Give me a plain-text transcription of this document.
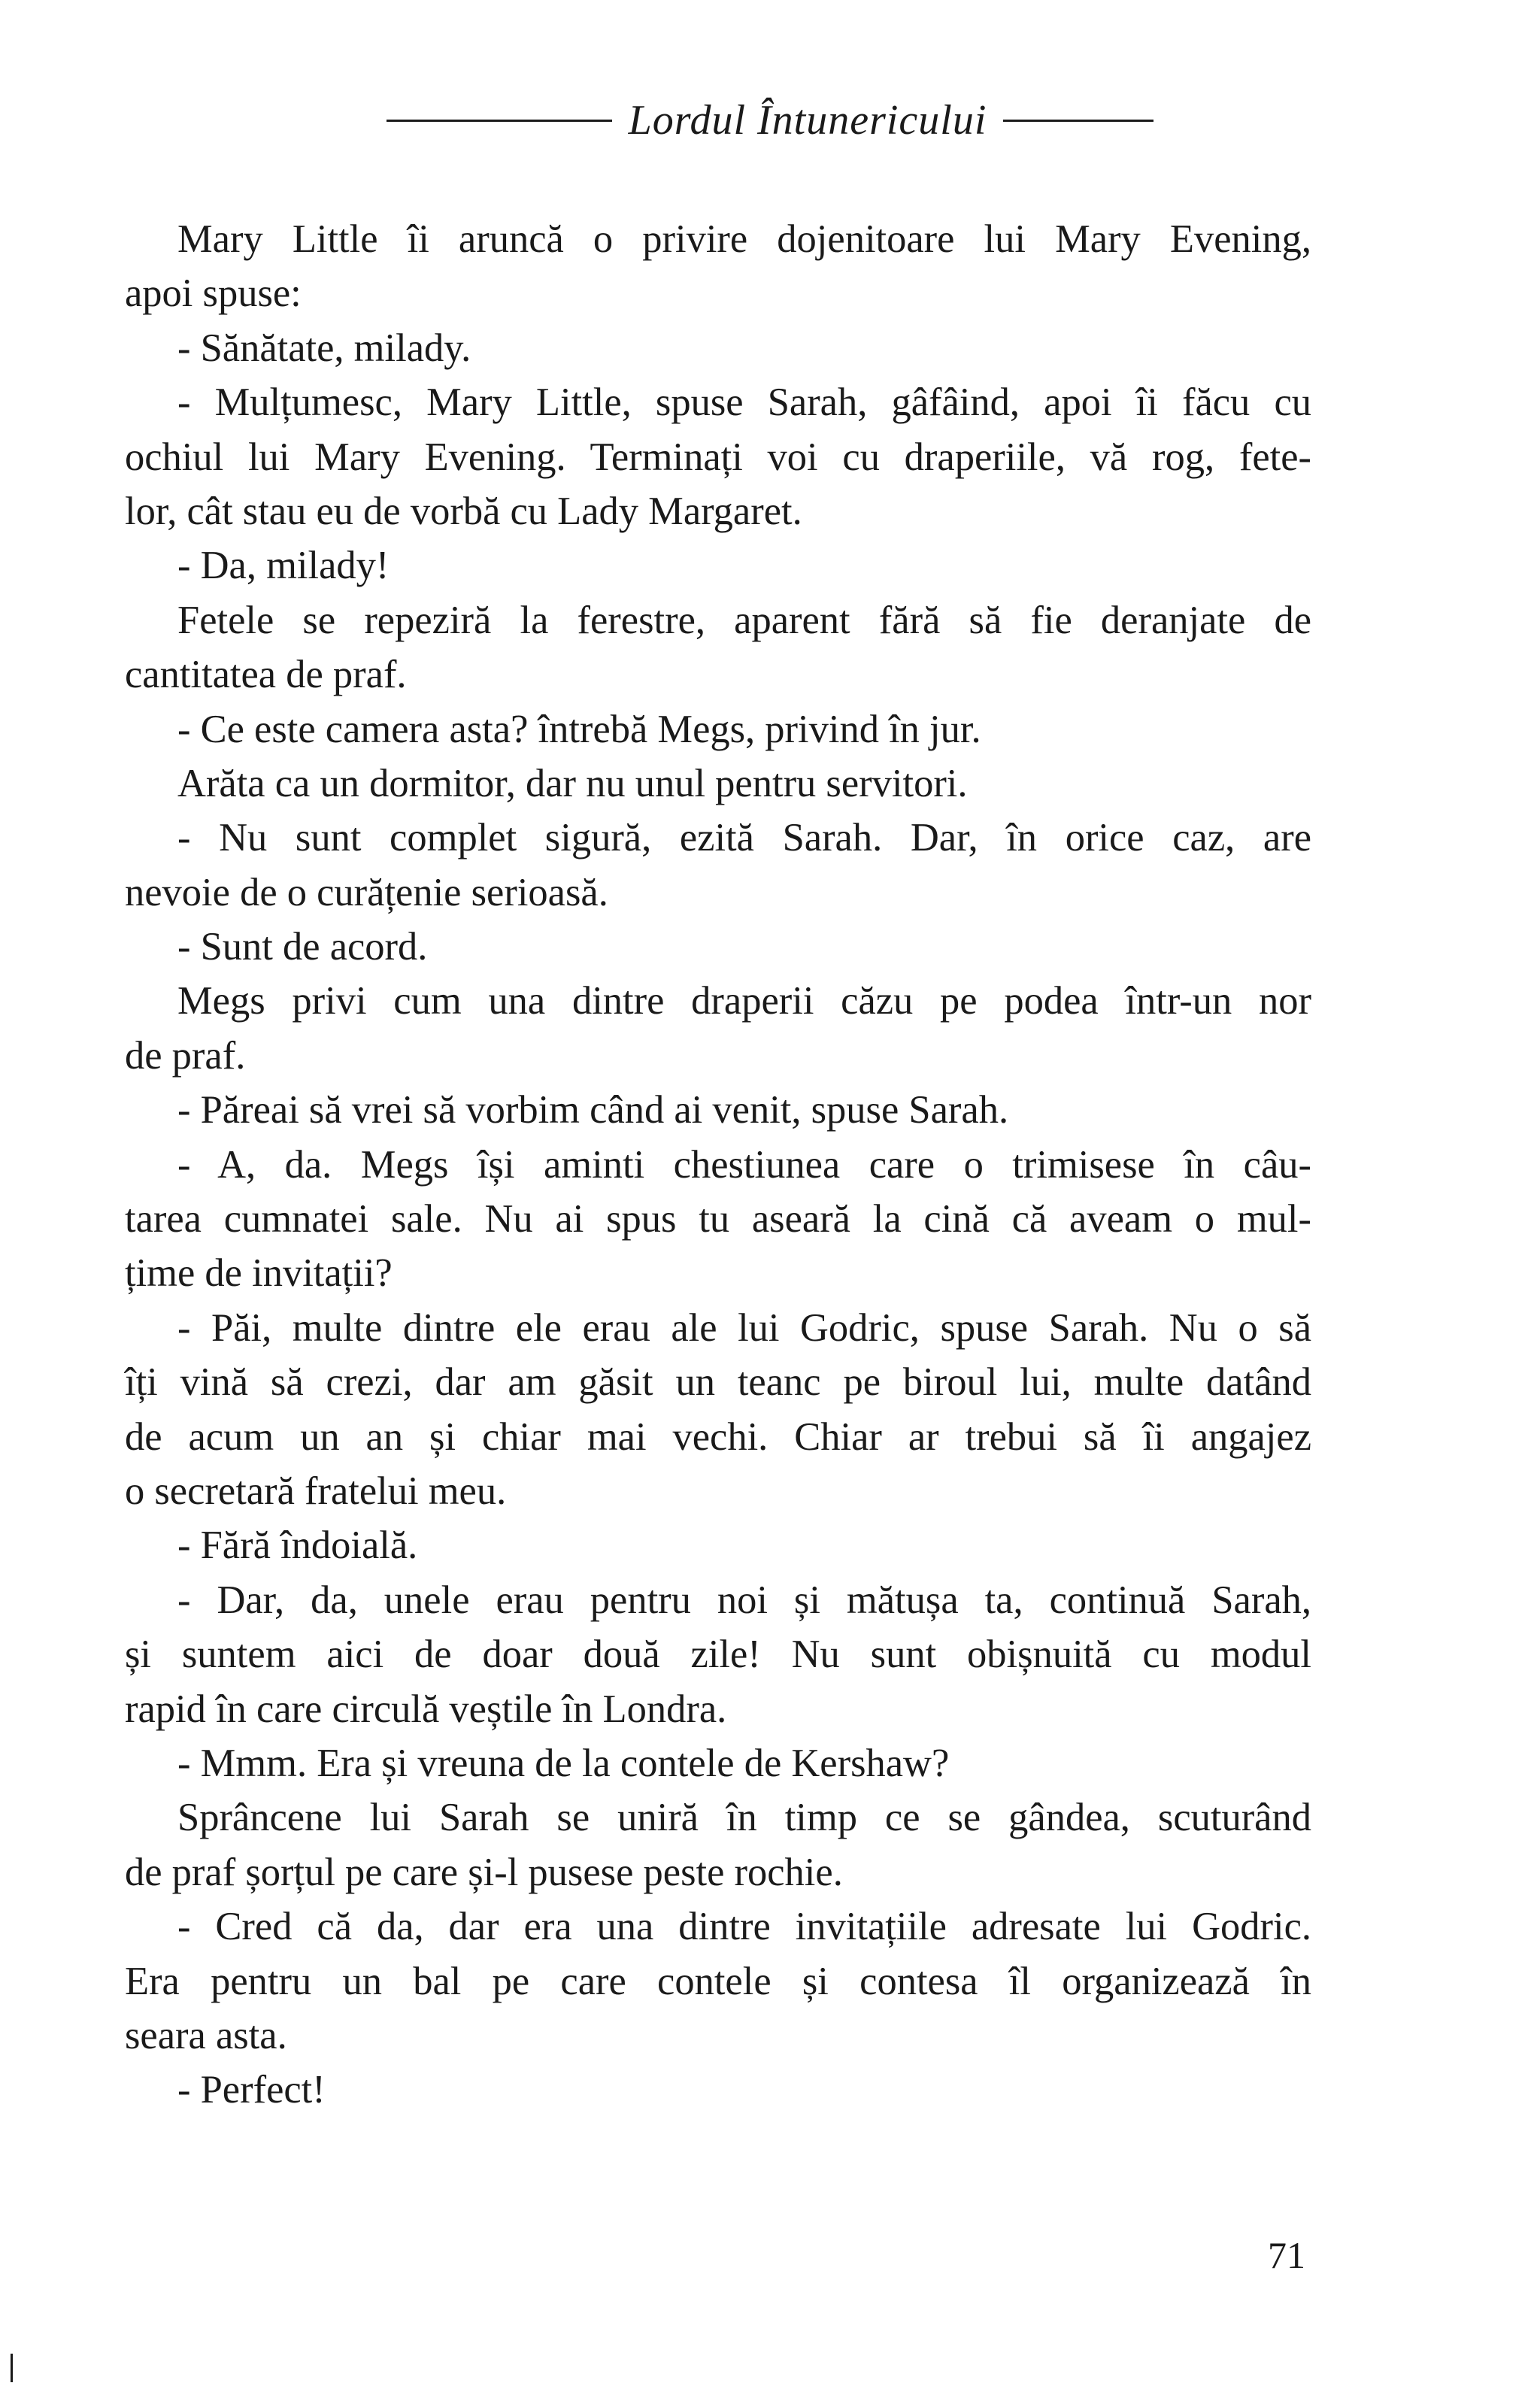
Lordul Întunericului
Mary Little îi aruncă o privire dojenitoare lui Mary Evening,
apoi spuse:
- Sănătate, milady.
- Mulțumesc, Mary Little, spuse Sarah, gâfâind, apoi îi făcu cu
ochiul lui Mary Evening. Terminați voi cu draperiile, vă rog, fete-
lor, cât stau eu de vorbă cu Lady Margaret.
- Da, milady!
Fetele se repeziră la ferestre, aparent fără să fie deranjate de
cantitatea de praf.
- Ce este camera asta? întrebă Megs, privind în jur.
Arăta ca un dormitor, dar nu unul pentru servitori.
- Nu sunt complet sigură, ezită Sarah. Dar, în orice caz, are
nevoie de o curățenie serioasă.
- Sunt de acord.
Megs privi cum una dintre draperii căzu pe podea într-un nor
de praf.
- Păreai să vrei să vorbim când ai venit, spuse Sarah.
- A, da. Megs își aminti chestiunea care o trimisese în câu-
tarea cumnatei sale. Nu ai spus tu aseară la cină că aveam o mul-
țime de invitații?
- Păi, multe dintre ele erau ale lui Godric, spuse Sarah. Nu o să
îți vină să crezi, dar am găsit un teanc pe biroul lui, multe datând
de acum un an și chiar mai vechi. Chiar ar trebui să îi angajez
o secretară fratelui meu.
- Fără îndoială.
- Dar, da, unele erau pentru noi și mătușa ta, continuă Sarah,
și suntem aici de doar două zile! Nu sunt obișnuită cu modul
rapid în care circulă veștile în Londra.
- Mmm. Era și vreuna de la contele de Kershaw?
Sprâncene lui Sarah se uniră în timp ce se gândea, scuturând
de praf șorțul pe care și-l pusese peste rochie.
- Cred că da, dar era una dintre invitațiile adresate lui Godric.
Era pentru un bal pe care contele și contesa îl organizează în
seara asta.
- Perfect!
71
